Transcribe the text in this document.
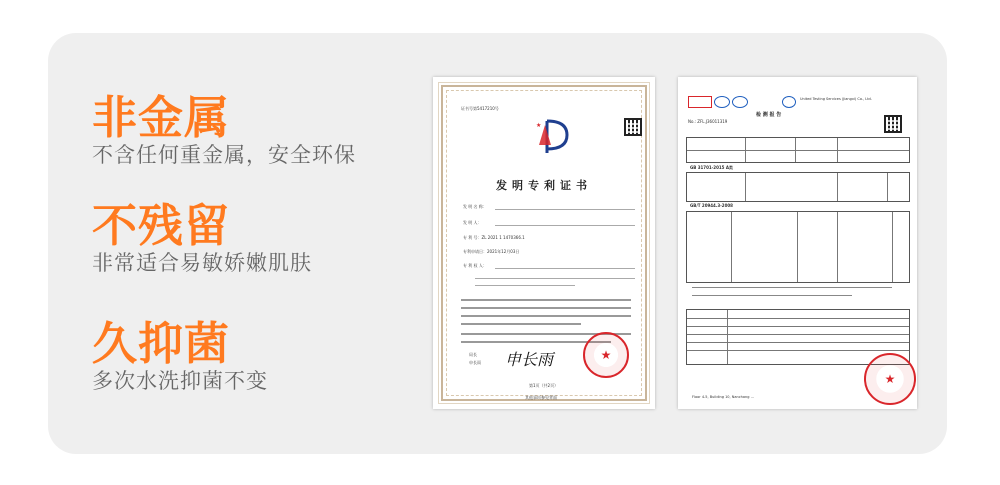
非金属
不含任何重金属，安全环保
不残留
非常适合易敏娇嫩肌肤
久抑菌
多次水洗抑菌不变
证书号第5417210号
★
发明专利证书
发 明 名 称：
发 明 人：
专 利 号：ZL 2021 1 1470366.1
专利申请日：2021年12月03日
专 利 权 人：
局长
申长雨 申长雨	★
第1页（共2页）
其他事项参见背面
United Testing Services (Jiangxi) Co., Ltd.
检 测 报 告
No.: ZFL.J36011319
GB 31701-2015 A类
GB/T 20944.3-2008
★
Floor 4-5, Building 10, Nanchang ...
